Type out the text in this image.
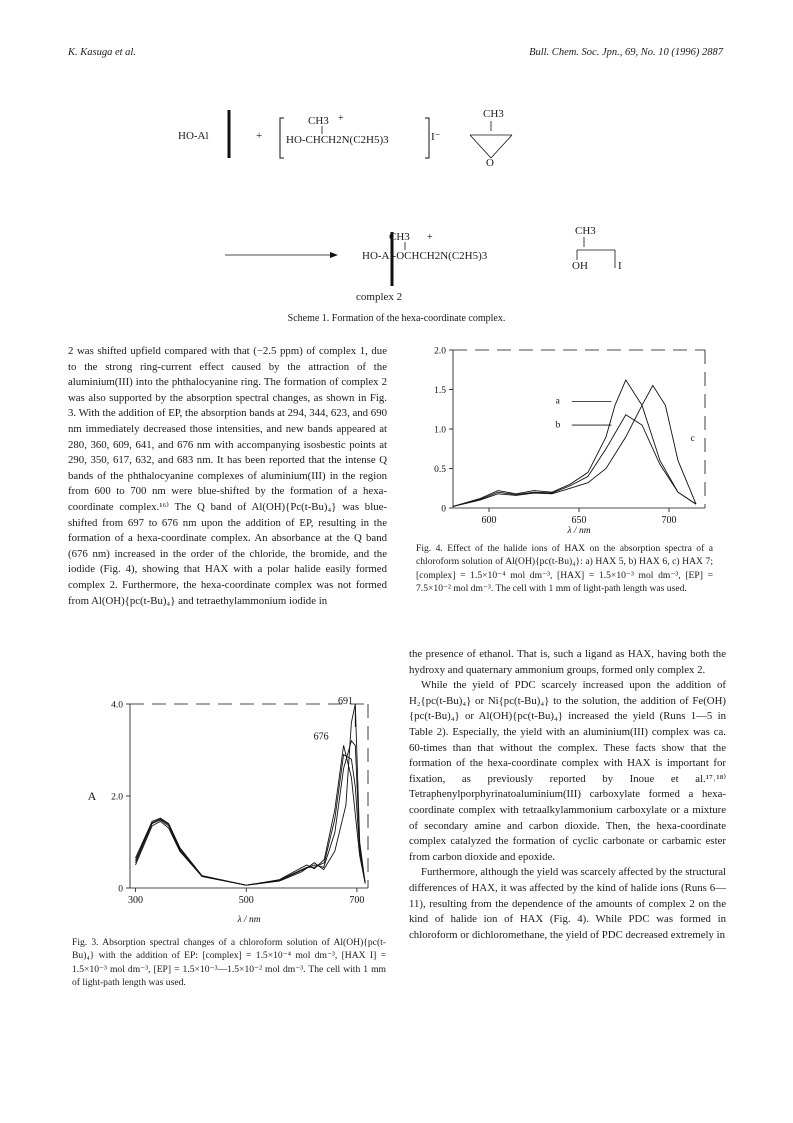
K. Kasuga et al.	Bull. Chem. Soc. Jpn., 69, No. 10 (1996) 2887
HO-Al	+
CH3 +
HO-CHCH2N(C2H5)3	I⁻
CH3
O
CH3 +
HO-Al-OCHCH2N(C2H5)3
CH3
OH	I
complex 2
Scheme 1. Formation of the hexa-coordinate complex.

2 was shifted upfield compared with that (−2.5 ppm) of complex 1, due to the strong ring-current effect caused by the attraction of the aluminium(III) into the phthalocyanine ring. The formation of complex 2 was also supported by the absorption spectral changes, as shown in Fig. 3. With the addition of EP, the absorption bands at 294, 344, 623, and 690 nm immediately decreased those intensities, and new bands appeared at 280, 360, 609, 641, and 676 nm with accompanying isosbestic points at 290, 350, 617, 632, and 683 nm. It has been reported that the intense Q bands of the phthalocyanine complexes of aluminium(III) in the region from 600 to 700 nm were blue-shifted by the formation of a hexa-coordinate complex.¹⁶⁾ The Q band of Al(OH){Pc(t-Bu)₄} was blue-shifted from 697 to 676 nm upon the addition of EP, resulting in the formation of a hexa-coordinate complex. An absorbance at the Q band (676 nm) increased in the order of the chloride, the bromide, and the iodide (Fig. 4), showing that HAX with a polar halide easily formed complex 2. Furthermore, the hexa-coordinate complex was not formed from Al(OH){pc(t-Bu)₄} and tetraethylammonium iodide in

300	500	700
0
2.0
4.0
λ / nm
A
691
676
Fig. 3. Absorption spectral changes of a chloroform solution of Al(OH){pc(t-Bu)₄} with the addition of EP: [complex] = 1.5×10⁻⁴ mol dm⁻³, [HAX I] = 1.5×10⁻³ mol dm⁻³, [EP] = 1.5×10⁻³—1.5×10⁻² mol dm⁻³. The cell with 1 mm of light-path length was used.
600	650	700
0
0.5
1.0
1.5
2.0
λ / nm
a
b
c
Fig. 4. Effect of the halide ions of HAX on the absorption spectra of a chloroform solution of Al(OH){pc(t-Bu)₄}: a) HAX 5, b) HAX 6, c) HAX 7; [complex] = 1.5×10⁻⁴ mol dm⁻³, [HAX] = 1.5×10⁻³ mol dm⁻³, [EP] = 7.5×10⁻² mol dm⁻³. The cell with 1 mm of light-path length was used.

the presence of ethanol. That is, such a ligand as HAX, having both the hydroxy and quaternary ammonium groups, formed only complex 2.

While the yield of PDC scarcely increased upon the addition of H₂{pc(t-Bu)₄} or Ni{pc(t-Bu)₄} to the solution, the addition of Fe(OH){pc(t-Bu)₄} or Al(OH){pc(t-Bu)₄} increased the yield (Runs 1—5 in Table 2). Especially, the yield with an aluminium(III) complex was ca. 60-times than that without the complex. These facts show that the formation of the hexa-coordinate complex with HAX is important for fixation, as previously reported by Inoue et al.¹⁷˒¹⁸⁾ Tetraphenylporphyrinatoaluminium(III) carboxylate formed a hexa-coordinate complex with tetraalkylammonium carboxylate or a mixture of secondary amine and carbon dioxide. Then, the hexa-coordinate complex catalyzed the formation of cyclic carbonate or carbamic ester from carbon dioxide and epoxide.

Furthermore, although the yield was scarcely affected by the structural differences of HAX, it was affected by the kind of halide ions (Runs 6—11), resulting from the dependence of the amounts of complex 2 on the kind of halide ion of HAX (Fig. 4). While PDC was formed in chloroform or dichloromethane, the yield of PDC decreased extremely in
